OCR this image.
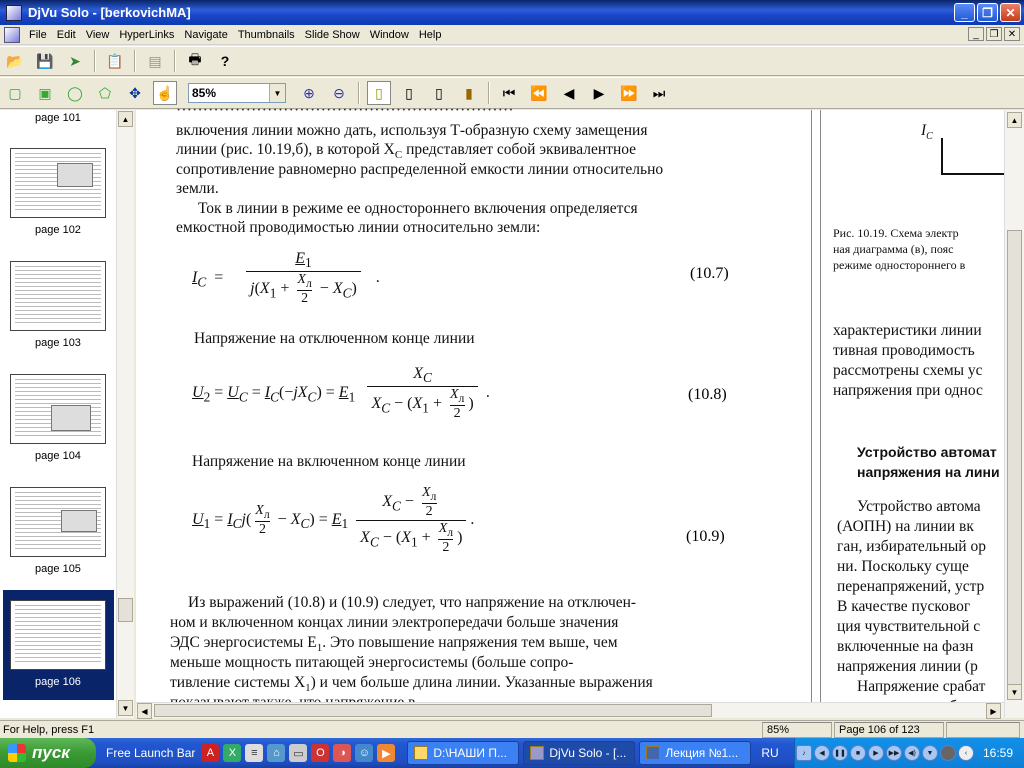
DjVu Solo - [berkovichMA]	_	❐	✕
File Edit View HyperLinks Navigate Thumbnails Slide Show Window Help	_	❐ ✕
📂 💾	➤	📋	▤	🖶	?
▢	▣	◯	⬠	✥	☝ 85%	▼	⊕	⊖	▯	▯	▯	▮	⏮	⏪	◀	▶	⏩	⏭
page 101
page 102
page 103
page 104
page 105
page 106
▲
▼
·······························································
включения линии можно дать, используя Т-образную схему замещения
линии (рис. 10.19,б), в которой $X_C$ представляет собой эквивалентное
сопротивление равномерно распределенной емкости линии относительно
земли.
Ток в линии в режиме ее одностороннего включения определяется
емкостной проводимостью линии относительно земли:
$I_C = \frac{E_1}{j(X_1 + \frac{X_л}{2} - X_C)}$ .	(10.7)
Напряжение на отключенном конце линии
$U_2 = U_C = I_C(-jX_C) = E_1 \frac{X_C}{X_C - (X_1 + \frac{X_л}{2} )}$ .	(10.8)
Напряжение на включенном конце линии
$U_1 = I_Cj( \frac{X_л}{2} - X_C) = E_1 \frac{X_C - \frac{X_л}{2}}{X_C - (X_1 + \frac{X_л}{2} )}$ .
(10.9)
Из выражений (10.8) и (10.9) следует, что напряжение на отключен-
ном и включенном концах линии электропередачи больше значения
ЭДС энергосистемы $E_1$. Это повышение напряжения тем выше, чем
меньше мощность питающей энергосистемы (больше сопро-
тивление системы $X_1$) и чем больше длина линии. Указанные выражения
$I_C$
Рис. 10.19. Схема электр
ная диаграмма (в), пояс
режиме одностороннего в
характеристики линии
тивная проводимость
рассмотрены схемы ус
напряжения при однос
Устройство автомат
напряжения на лини
Устройство автома
(АОПН) на линии вк
ган, избирательный ор
ни. Поскольку суще
перенапряжений, устр
В качестве пусковог
ция чувствительной с
включенные на фазн
напряжения линии (р
Напряжение срабат
▲
▼
◀	▶
For Help, press F1	85%	Page 106 of 123
пуск	Free Launch Bar	A	X	≡	⌂	▭	O	◑	☺	▶	D:\НАШИ П...	DjVu Solo - [...	Лекция №1... RU	♪	◀	❚❚	■	▶	▶▶	◀)	▼	‹	16:59
